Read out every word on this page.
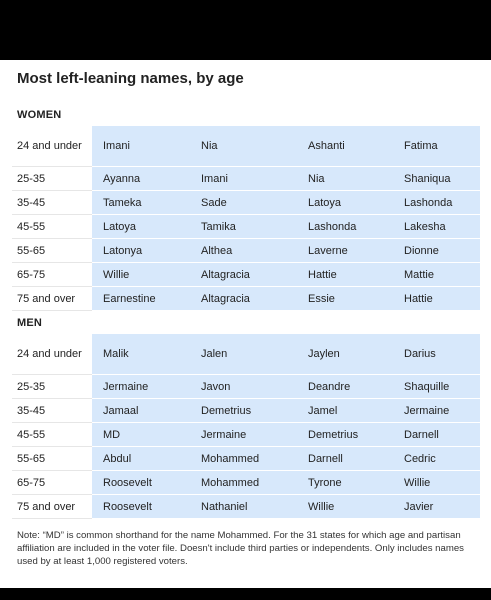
Most left-leaning names, by age
WOMEN
24 and under	Imani	Nia	Ashanti	Fatima
25-35	Ayanna	Imani	Nia	Shaniqua
35-45	Tameka	Sade	Latoya	Lashonda
45-55	Latoya	Tamika	Lashonda	Lakesha
55-65	Latonya	Althea	Laverne	Dionne
65-75	Willie	Altagracia	Hattie	Mattie
75 and over	Earnestine	Altagracia	Essie	Hattie
MEN
24 and under	Malik	Jalen	Jaylen	Darius
25-35	Jermaine	Javon	Deandre	Shaquille
35-45	Jamaal	Demetrius	Jamel	Jermaine
45-55	MD	Jermaine	Demetrius	Darnell
55-65	Abdul	Mohammed	Darnell	Cedric
65-75	Roosevelt	Mohammed	Tyrone	Willie
75 and over	Roosevelt	Nathaniel	Willie	Javier

Note: “MD” is common shorthand for the name Mohammed. For the 31 states for which age and partisan affiliation are included in the voter file. Doesn't include third parties or independents. Only includes names used by at least 1,000 registered voters.
